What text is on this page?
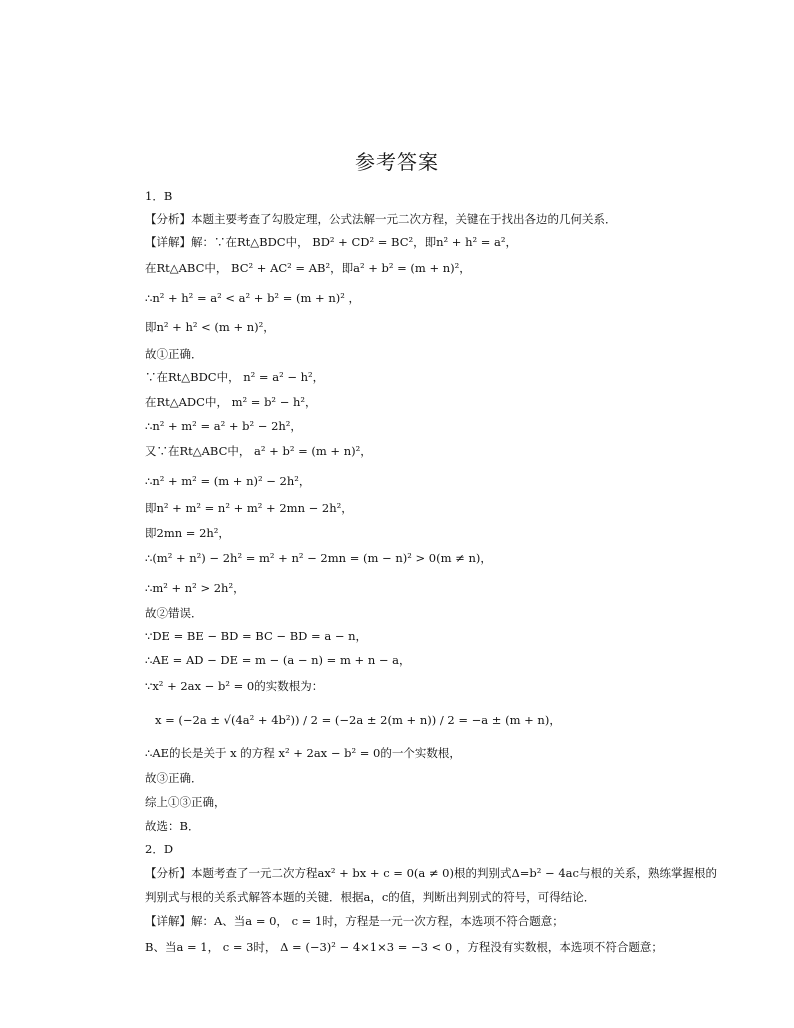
参考答案
1．B
【分析】本题主要考查了勾股定理，公式法解一元二次方程，关键在于找出各边的几何关系．
【详解】解：∵在Rt△BDC中， BD² + CD² = BC²，即n² + h² = a²，
在Rt△ABC中， BC² + AC² = AB²，即a² + b² = (m + n)²，
∴n² + h² = a² < a² + b² = (m + n)² ，
即n² + h² < (m + n)²，
故①正确．
∵在Rt△BDC中， n² = a² − h²，
在Rt△ADC中， m² = b² − h²，
∴n² + m² = a² + b² − 2h²，
又∵在Rt△ABC中， a² + b² = (m + n)²，
∴n² + m² = (m + n)² − 2h²，
即n² + m² = n² + m² + 2mn − 2h²，
即2mn = 2h²，
∴(m² + n²) − 2h² = m² + n² − 2mn = (m − n)² > 0(m ≠ n)，
∴m² + n² > 2h²，
故②错误．
∵DE = BE − BD = BC − BD = a − n，
∴AE = AD − DE = m − (a − n) = m + n − a，
∵x² + 2ax − b² = 0的实数根为：
x = (−2a ± √(4a² + 4b²)) / 2 = (−2a ± 2(m + n)) / 2 = −a ± (m + n)，
∴AE的长是关于 x 的方程 x² + 2ax − b² = 0的一个实数根，
故③正确．
综上①③正确，
故选：B．
2．D
【分析】本题考查了一元二次方程ax² + bx + c = 0(a ≠ 0)根的判别式Δ=b² − 4ac与根的关系，熟练掌握根的
判别式与根的关系式解答本题的关键．根据a，c的值，判断出判别式的符号，可得结论．
【详解】解：A、当a = 0， c = 1时，方程是一元一次方程，本选项不符合题意；
B、当a = 1， c = 3时， Δ = (−3)² − 4×1×3 = −3 < 0 ，方程没有实数根，本选项不符合题意；
